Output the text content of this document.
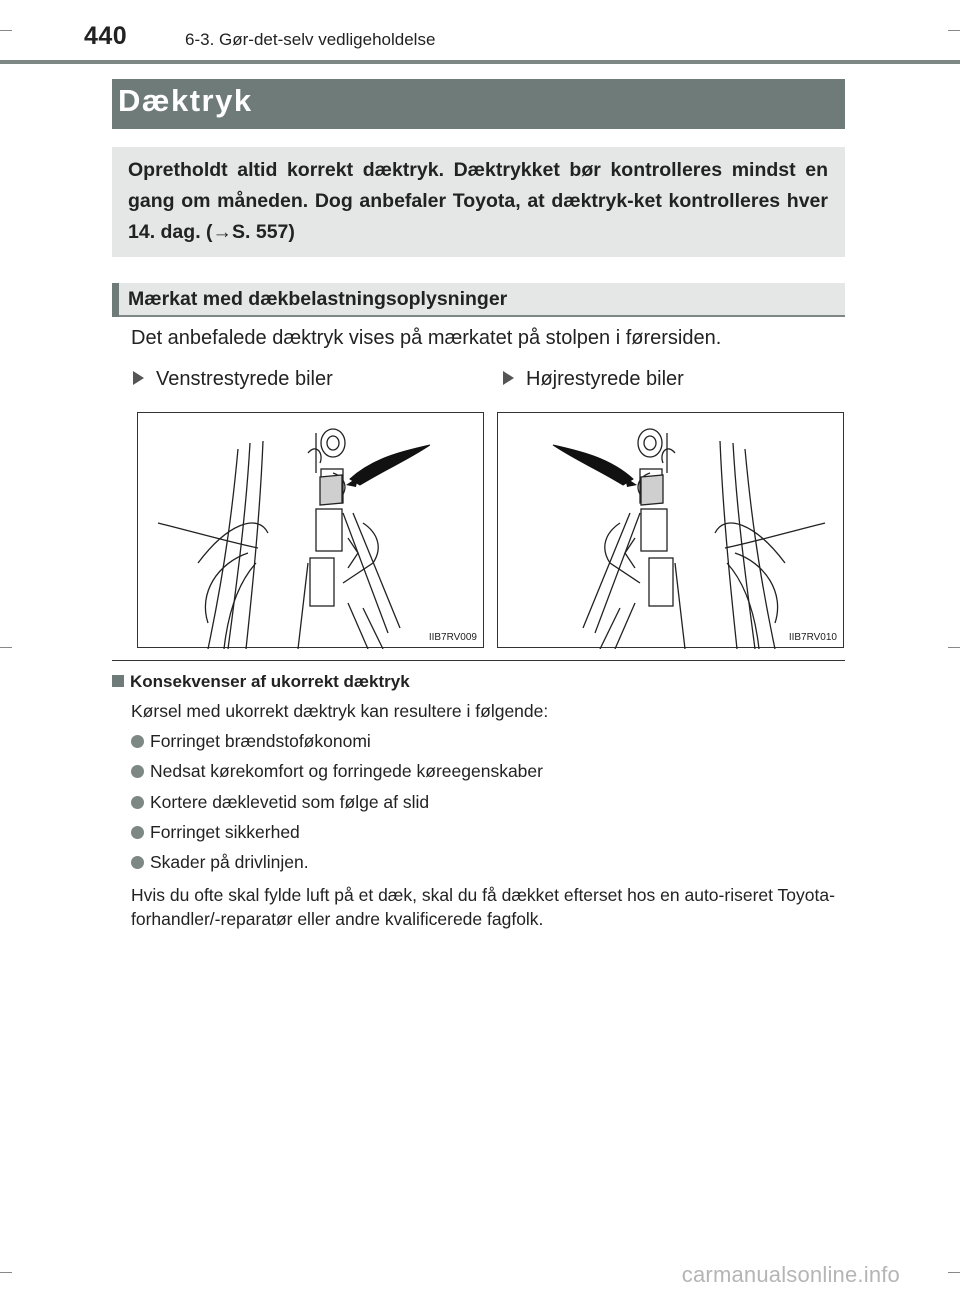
440	6-3. Gør-det-selv vedligeholdelse
Dæktryk
Opretholdt altid korrekt dæktryk. Dæktrykket bør kontrolleres mindst en gang om måneden. Dog anbefaler Toyota, at dæktryk-ket kontrolleres hver 14. dag. (→S. 557)
Mærkat med dækbelastningsoplysninger
Det anbefalede dæktryk vises på mærkatet på stolpen i førersiden.
Venstrestyrede biler	Højrestyrede biler
IIB7RV009	IIB7RV010
Konsekvenser af ukorrekt dæktryk
Kørsel med ukorrekt dæktryk kan resultere i følgende:
Forringet brændstoføkonomi
Nedsat kørekomfort og forringede køreegenskaber
Kortere dæklevetid som følge af slid
Forringet sikkerhed
Skader på drivlinjen.
Hvis du ofte skal fylde luft på et dæk, skal du få dækket efterset hos en auto-riseret Toyota-forhandler/-reparatør eller andre kvalificerede fagfolk.
carmanualsonline.info
